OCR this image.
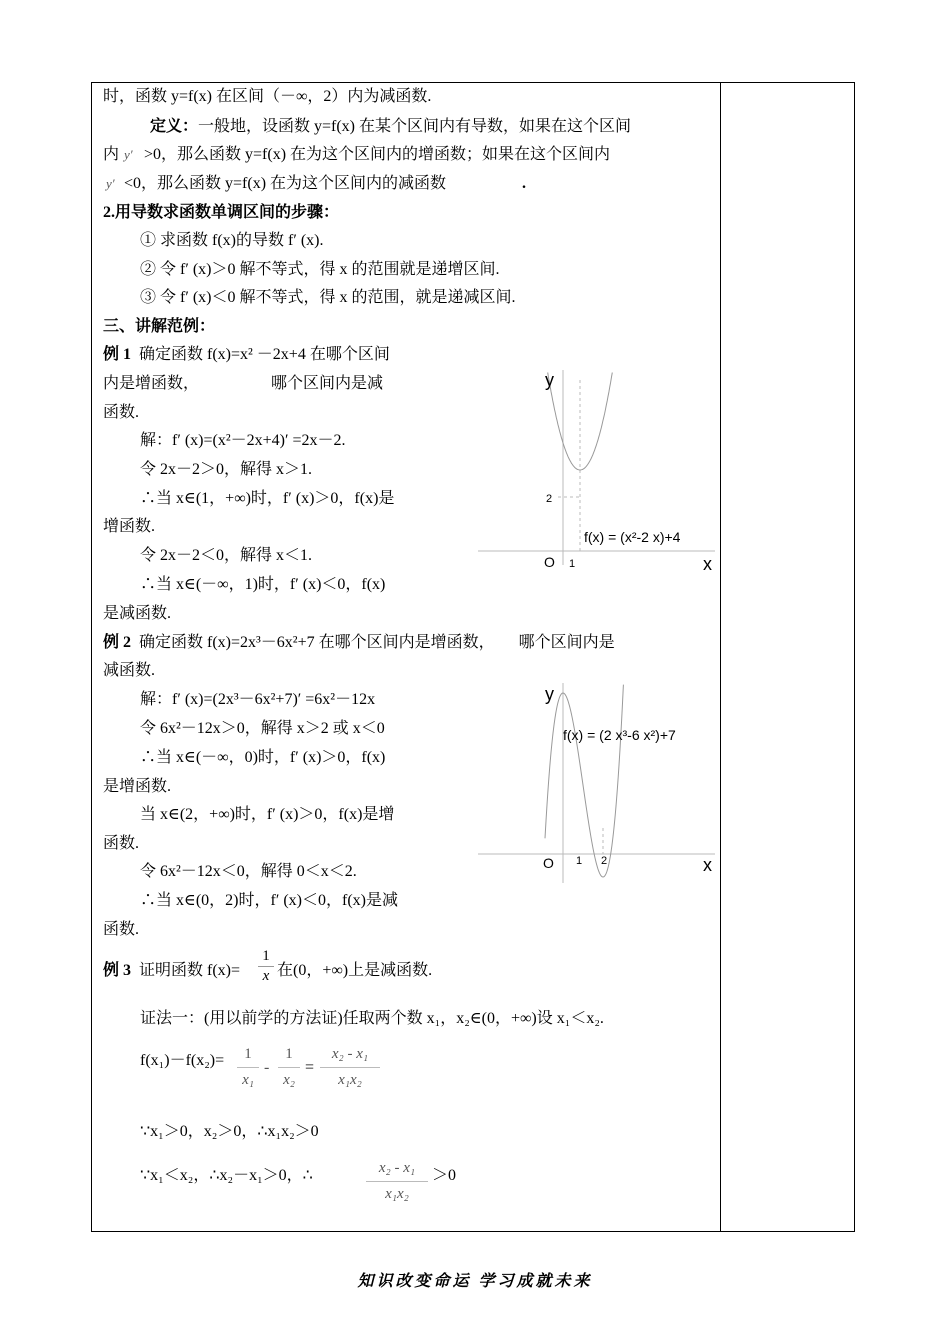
时，函数 y=f(x) 在区间（－∞，2）内为减函数.
定义： 一般地，设函数 y=f(x) 在某个区间内有导数，如果在这个区间
内 y′ >0，那么函数 y=f(x) 在为这个区间内的增函数；如果在这个区间内
y′ <0，那么函数 y=f(x) 在为这个区间内的减函数	.
2.用导数求函数单调区间的步骤：
① 求函数 f(x)的导数 f′ (x).
② 令 f′ (x)＞0 解不等式，得 x 的范围就是递增区间.
③ 令 f′ (x)＜0 解不等式，得 x 的范围，就是递减区间.
三、讲解范例：
例 1 确定函数 f(x)=x² －2x+4 在哪个区间
内是增函数，　　　　　哪个区间内是减
函数.
解：f′ (x)=(x²－2x+4)′ =2x－2.
令 2x－2＞0，解得 x＞1.
∴当 x∈(1，+∞)时，f′ (x)＞0，f(x)是
增函数.
令 2x－2＜0，解得 x＜1.
∴当 x∈(－∞，1)时，f′ (x)＜0，f(x)
是减函数.
例 2 确定函数 f(x)=2x³－6x²+7 在哪个区间内是增函数，　　哪个区间内是
减函数.
解：f′ (x)=(2x³－6x²+7)′ =6x²－12x
令 6x²－12x＞0，解得 x＞2 或 x＜0
∴当 x∈(－∞，0)时，f′ (x)＞0，f(x)
是增函数.
当 x∈(2，+∞)时，f′ (x)＞0，f(x)是增
函数.
令 6x²－12x＜0，解得 0＜x＜2.
∴当 x∈(0，2)时，f′ (x)＜0，f(x)是减
函数.
例 3 证明函数 f(x)=
1
x 在(0，+∞)上是减函数.
证法一：(用以前学的方法证)任取两个数 x₁，x₂∈(0，+∞)设 x₁＜x₂.
f(x₁)－f(x₂)=	1
x₁
-
1
x₂
=
x₂ - x₁
x₁x₂
∵x₁＞0，x₂＞0，∴x₁x₂＞0
∵x₁＜x₂，∴x₂－x₁＞0，∴	x₂ - x₁
x₁x₂
＞0
y
x
O 1
2
f(x) = (x²-2 x)+4
y
x
O 1 2
f(x) = (2 x³-6 x²)+7
知识改变命运 学习成就未来
